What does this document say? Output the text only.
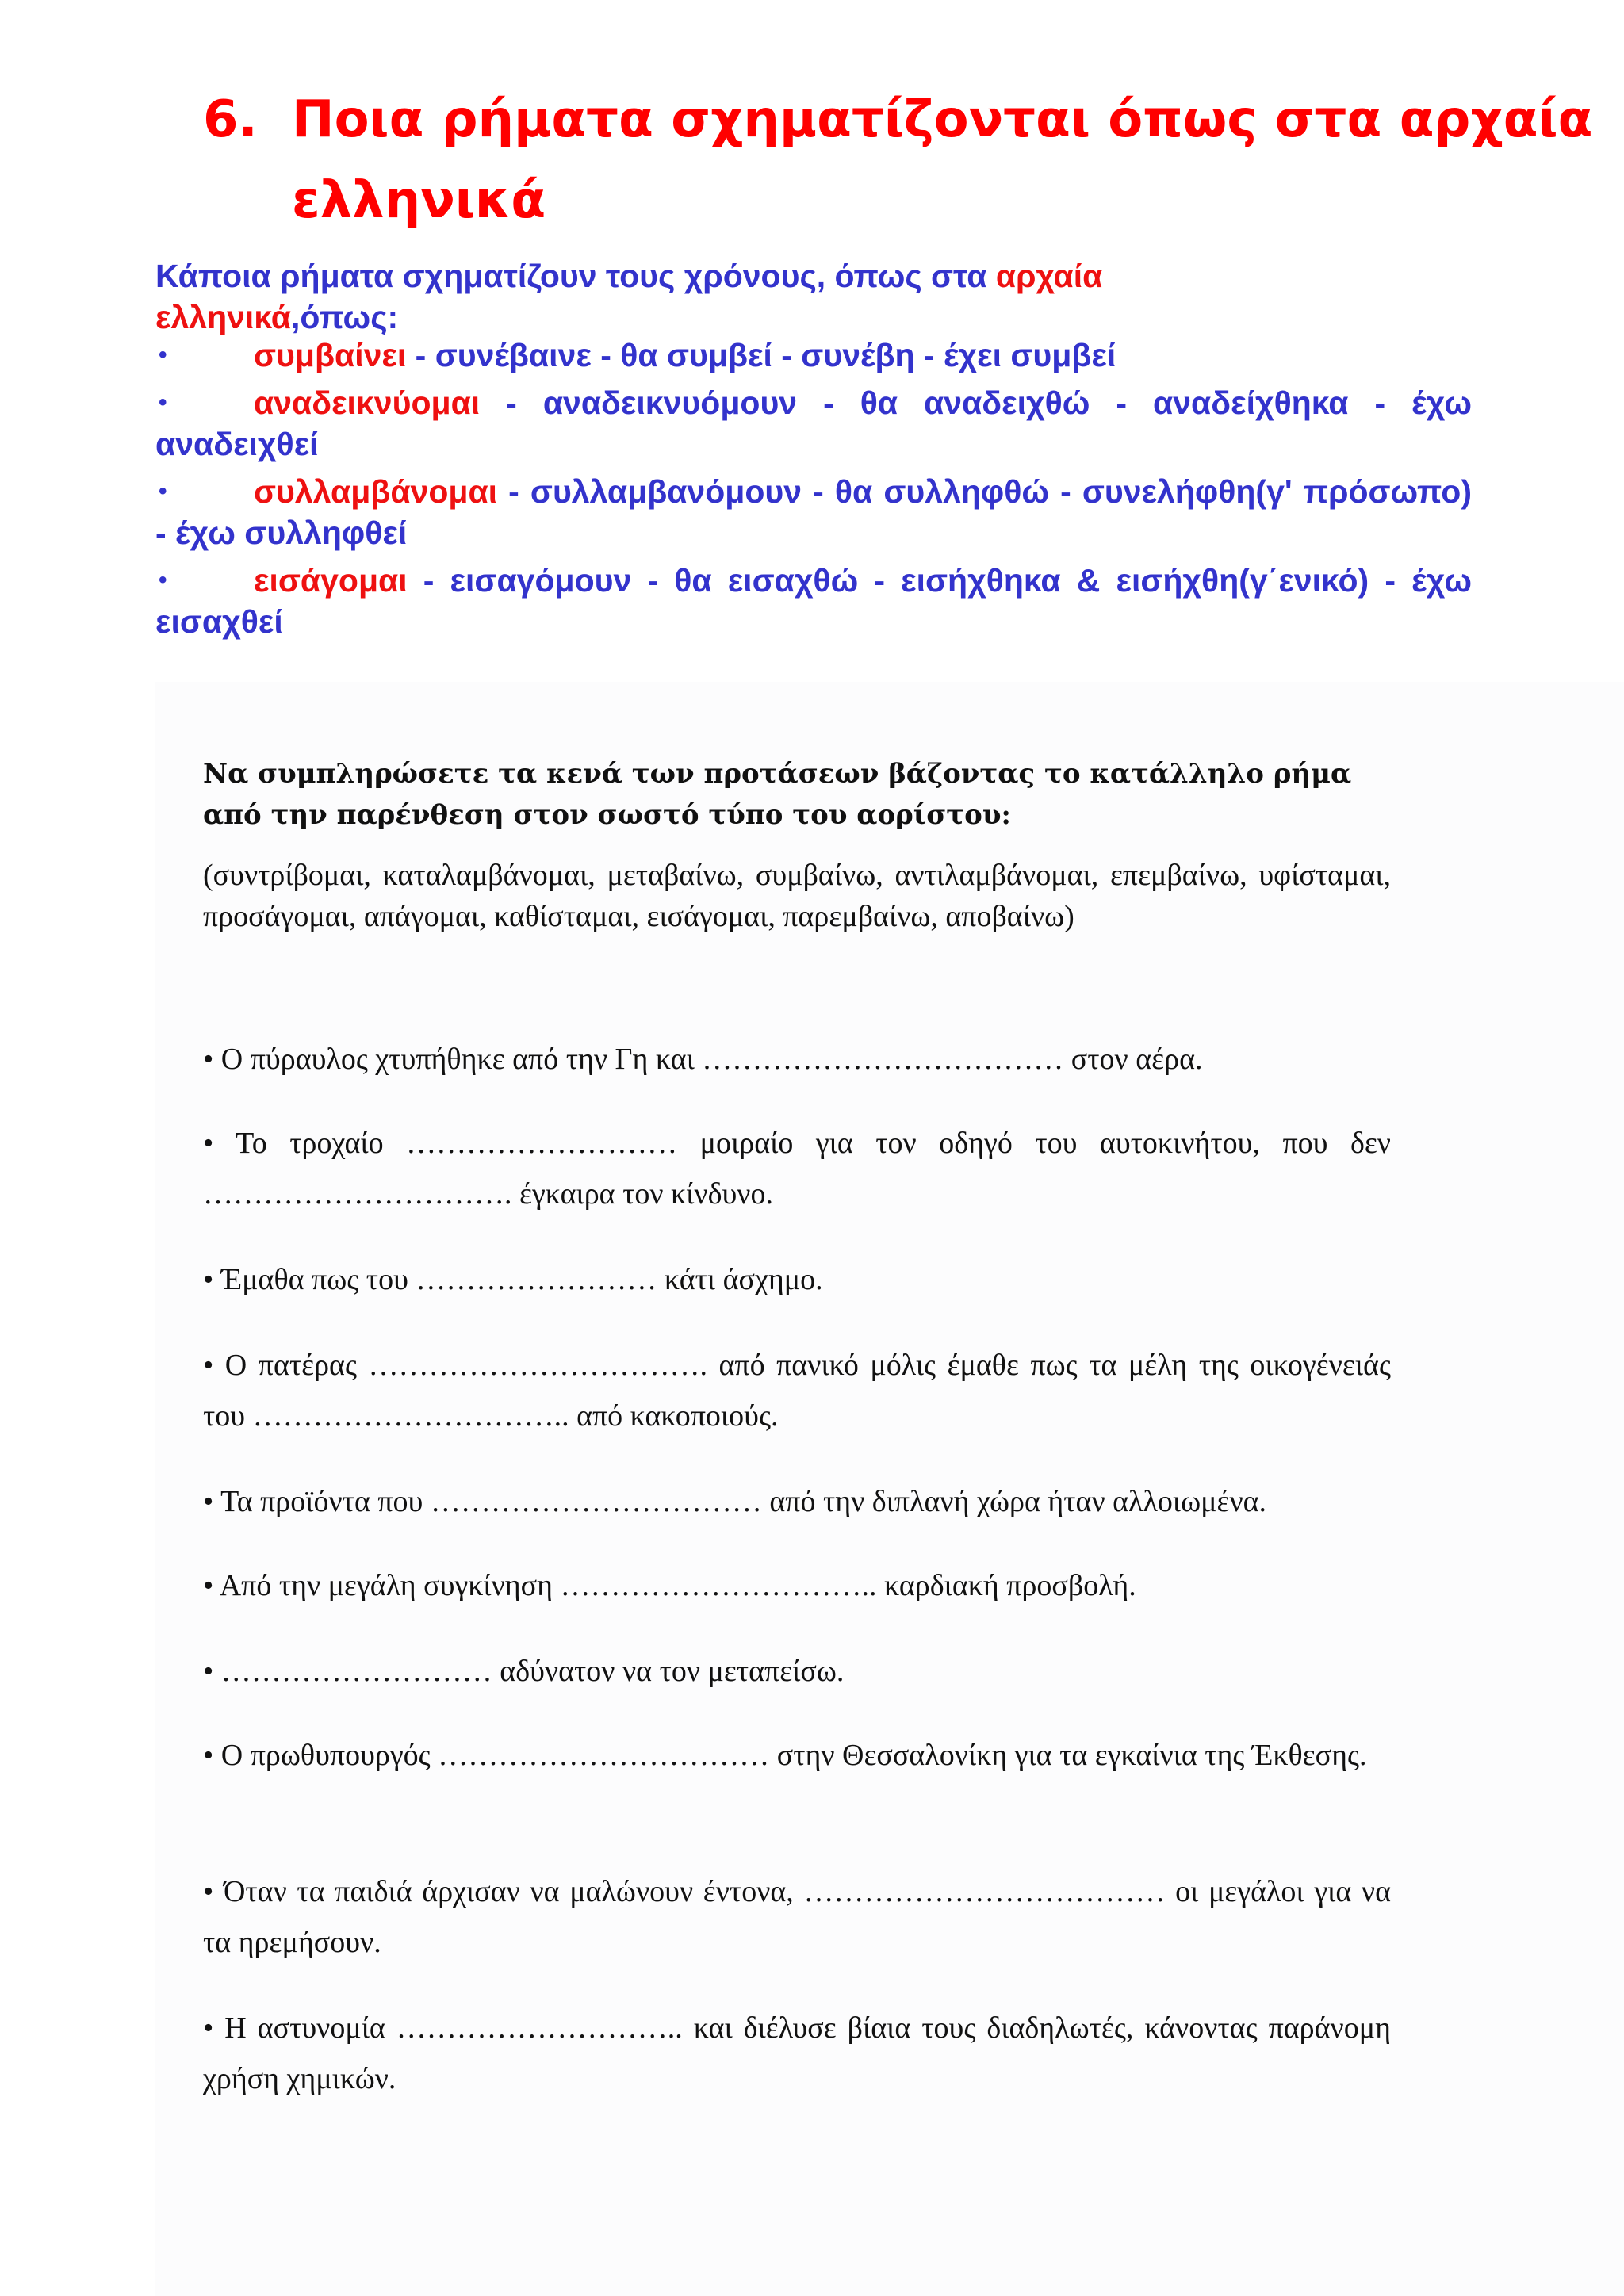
6. Ποια ρήματα σχηματίζονται όπως στα αρχαία
ελληνικά
Κάποια ρήματα σχηματίζουν τους χρόνους, όπως στα αρχαία
ελληνικά,όπως:
•	συμβαίνει - συνέβαινε - θα συμβεί - συνέβη - έχει συμβεί
•	αναδεικνύομαι - αναδεικνυόμουν - θα αναδειχθώ - αναδείχθηκα - έχω αναδειχθεί
•	συλλαμβάνομαι - συλλαμβανόμουν - θα συλληφθώ - συνελήφθη(γ' πρόσωπο) - έχω συλληφθεί
•	εισάγομαι - εισαγόμουν - θα εισαχθώ - εισήχθηκα & εισήχθη(γ΄ενικό) - έχω εισαχθεί
Να συμπληρώσετε τα κενά των προτάσεων βάζοντας το κατάλληλο ρήμα από την παρένθεση στον σωστό τύπο του αορίστου:
(συντρίβομαι, καταλαμβάνομαι, μεταβαίνω, συμβαίνω, αντιλαμβάνομαι, επεμβαίνω, υφίσταμαι, προσάγομαι, απάγομαι, καθίσταμαι, εισάγομαι, παρεμβαίνω, αποβαίνω)
• Ο πύραυλος χτυπήθηκε από την Γη και ……………………………… στον αέρα.
• Το τροχαίο ……………………… μοιραίο για τον οδηγό του αυτοκινήτου, που δεν …………………………. έγκαιρα τον κίνδυνο.
• Έμαθα πως του …………………… κάτι άσχημο.
• Ο πατέρας ……………………………. από πανικό μόλις έμαθε πως τα μέλη της οικογένειάς του ………………………….. από κακοποιούς.
• Τα προϊόντα που …………………………… από την διπλανή χώρα ήταν αλλοιωμένα.
• Από την μεγάλη συγκίνηση ………………………….. καρδιακή προσβολή.
• ……………………… αδύνατον να τον μεταπείσω.
• Ο πρωθυπουργός …………………………… στην Θεσσαλονίκη για τα εγκαίνια της Έκθεσης.
• Όταν τα παιδιά άρχισαν να μαλώνουν έντονα, ……………………………… οι μεγάλοι για να τα ηρεμήσουν.
• Η αστυνομία ……………………….. και διέλυσε βίαια τους διαδηλωτές, κάνοντας παράνομη χρήση χημικών.
